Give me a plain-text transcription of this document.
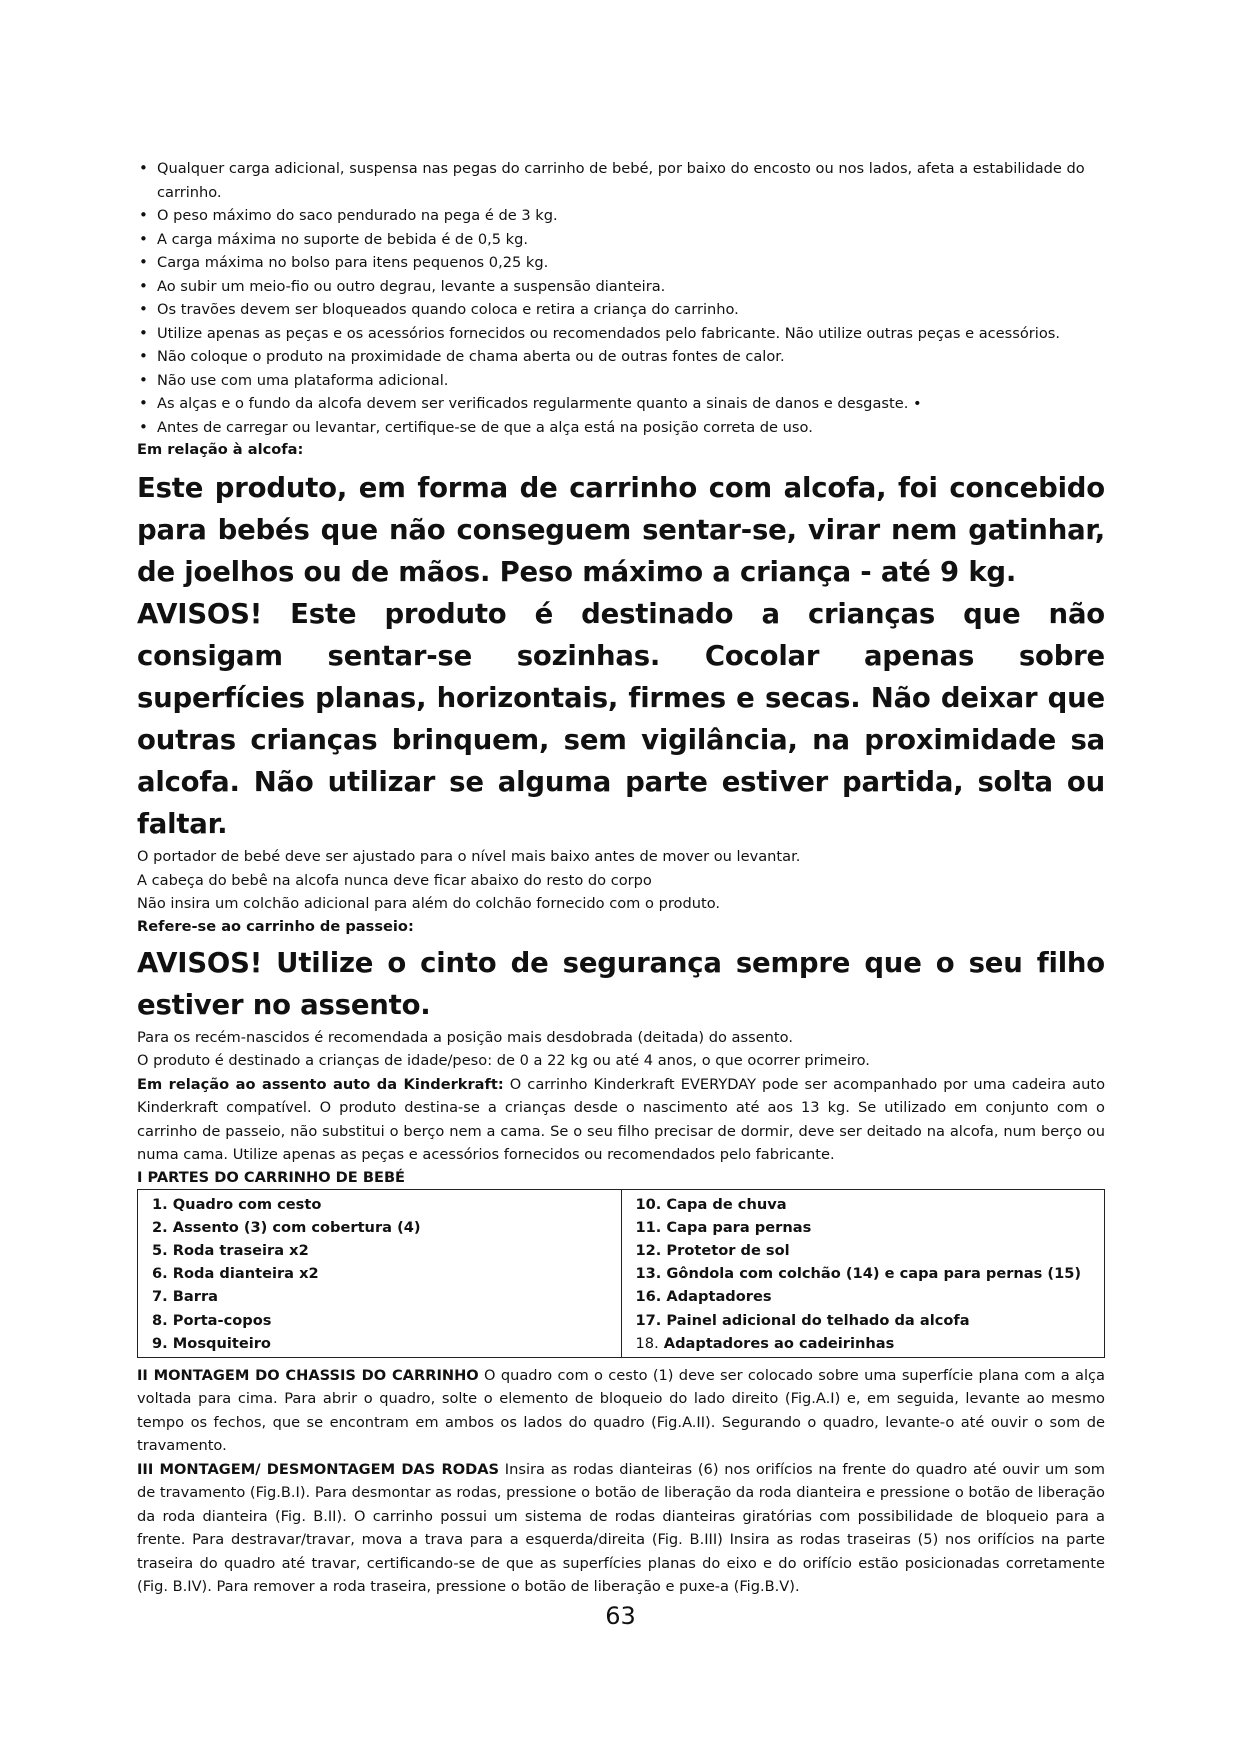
• Qualquer carga adicional, suspensa nas pegas do carrinho de bebé, por baixo do encosto ou nos lados, afeta a estabilidade do carrinho.
• O peso máximo do saco pendurado na pega é de 3 kg.
• A carga máxima no suporte de bebida é de 0,5 kg.
• Carga máxima no bolso para itens pequenos 0,25 kg.
• Ao subir um meio-fio ou outro degrau, levante a suspensão dianteira.
• Os travões devem ser bloqueados quando coloca e retira a criança do carrinho.
• Utilize apenas as peças e os acessórios fornecidos ou recomendados pelo fabricante. Não utilize outras peças e acessórios.
• Não coloque o produto na proximidade de chama aberta ou de outras fontes de calor.
• Não use com uma plataforma adicional.
• As alças e o fundo da alcofa devem ser verificados regularmente quanto a sinais de danos e desgaste. •
• Antes de carregar ou levantar, certifique-se de que a alça está na posição correta de uso.

Em relação à alcofa:

Este produto, em forma de carrinho com alcofa, foi concebido para bebés que não conseguem sentar-se, virar nem gatinhar, de joelhos ou de mãos. Peso máximo a criança - até 9 kg.

AVISOS! Este produto é destinado a crianças que não consigam sentar-se sozinhas. Cocolar apenas sobre superfícies planas, horizontais, firmes e secas. Não deixar que outras crianças brinquem, sem vigilância, na proximidade sa alcofa. Não utilizar se alguma parte estiver partida, solta ou faltar.

O portador de bebé deve ser ajustado para o nível mais baixo antes de mover ou levantar.

A cabeça do bebê na alcofa nunca deve ficar abaixo do resto do corpo

Não insira um colchão adicional para além do colchão fornecido com o produto.

Refere-se ao carrinho de passeio:

AVISOS! Utilize o cinto de segurança sempre que o seu filho estiver no assento.

Para os recém-nascidos é recomendada a posição mais desdobrada (deitada) do assento.

O produto é destinado a crianças de idade/peso: de 0 a 22 kg ou até 4 anos, o que ocorrer primeiro.

Em relação ao assento auto da Kinderkraft: O carrinho Kinderkraft EVERYDAY pode ser acompanhado por uma cadeira auto Kinderkraft compatível. O produto destina-se a crianças desde o nascimento até aos 13 kg. Se utilizado em conjunto com o carrinho de passeio, não substitui o berço nem a cama. Se o seu filho precisar de dormir, deve ser deitado na alcofa, num berço ou numa cama. Utilize apenas as peças e acessórios fornecidos ou recomendados pelo fabricante.

I PARTES DO CARRINHO DE BEBÉ

1. Quadro com cesto
2. Assento (3) com cobertura (4)
5. Roda traseira x2
6. Roda dianteira x2
7. Barra
8. Porta-copos
9. Mosquiteiro

10. Capa de chuva
11. Capa para pernas
12. Protetor de sol
13. Gôndola com colchão (14) e capa para pernas (15)
16. Adaptadores
17. Painel adicional do telhado da alcofa
18. Adaptadores ao cadeirinhas

II MONTAGEM DO CHASSIS DO CARRINHO O quadro com o cesto (1) deve ser colocado sobre uma superfície plana com a alça voltada para cima. Para abrir o quadro, solte o elemento de bloqueio do lado direito (Fig.A.I) e, em seguida, levante ao mesmo tempo os fechos, que se encontram em ambos os lados do quadro (Fig.A.II). Segurando o quadro, levante-o até ouvir o som de travamento.

III MONTAGEM/ DESMONTAGEM DAS RODAS Insira as rodas dianteiras (6) nos orifícios na frente do quadro até ouvir um som de travamento (Fig.B.I). Para desmontar as rodas, pressione o botão de liberação da roda dianteira e pressione o botão de liberação da roda dianteira (Fig. B.II). O carrinho possui um sistema de rodas dianteiras giratórias com possibilidade de bloqueio para a frente. Para destravar/travar, mova a trava para a esquerda/direita (Fig. B.III) Insira as rodas traseiras (5) nos orifícios na parte traseira do quadro até travar, certificando-se de que as superfícies planas do eixo e do orifício estão posicionadas corretamente (Fig. B.IV). Para remover a roda traseira, pressione o botão de liberação e puxe-a (Fig.B.V).

63
